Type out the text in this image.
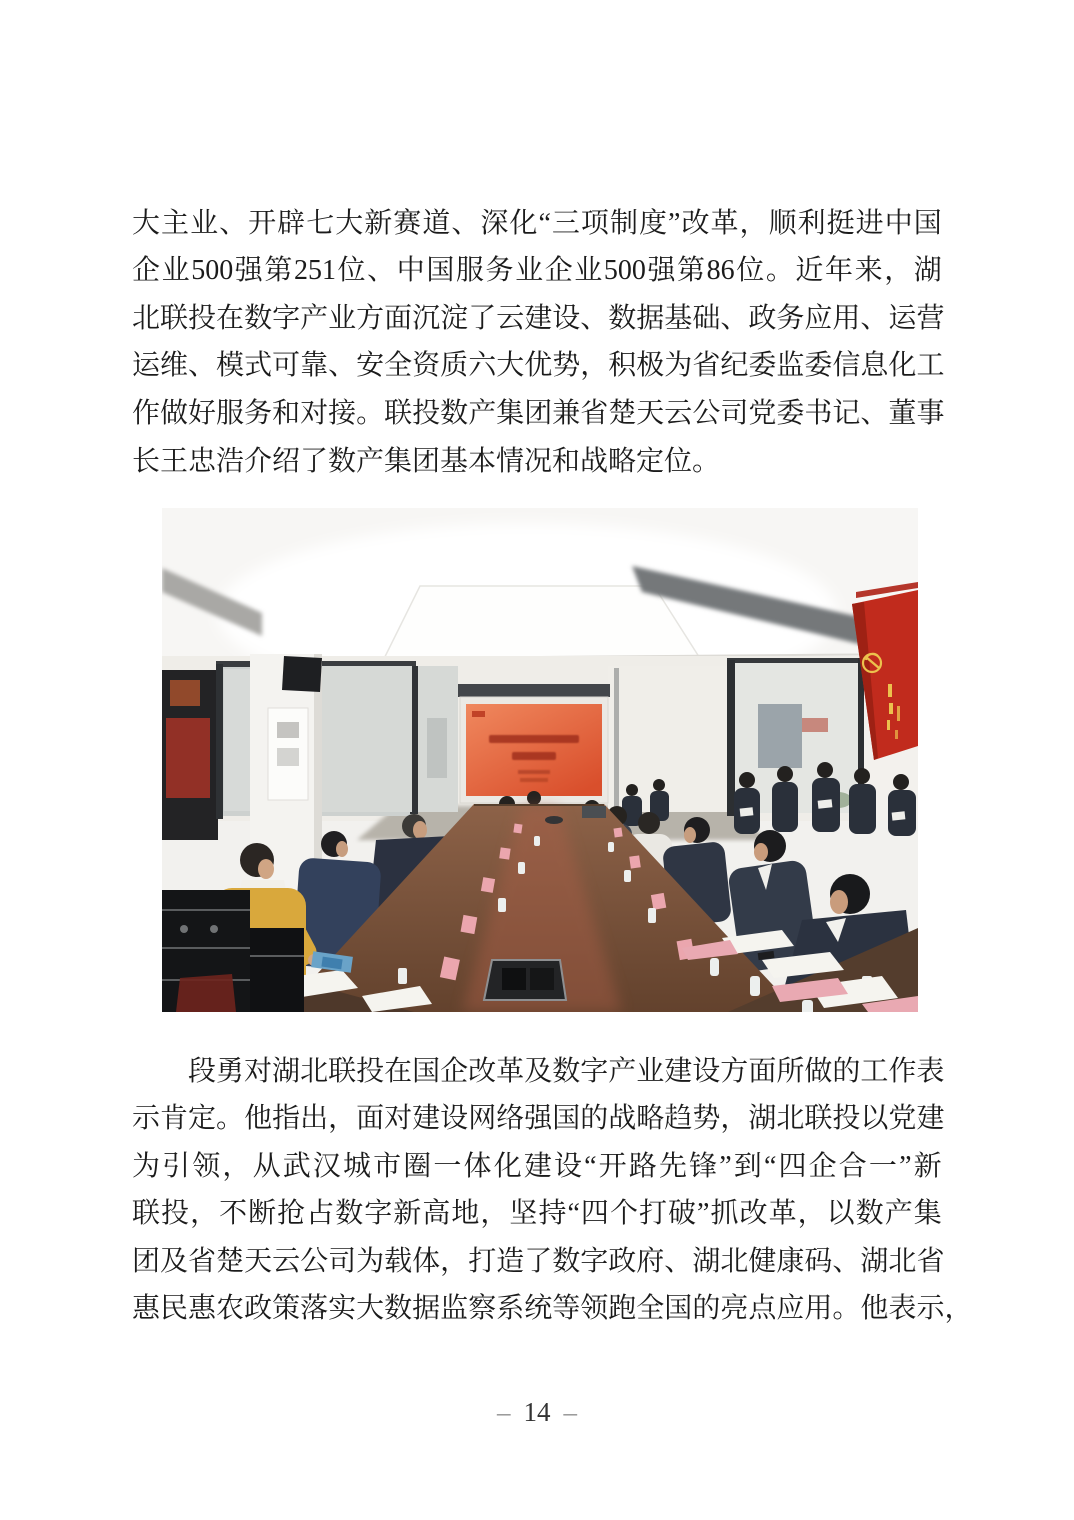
大 主 业 、 开 辟 七 大 新 赛 道 、 深 化 “ 三 项 制 度 ” 改 革 ， 顺 利 挺 进 中 国
企 业 500 强 第 251 位 、 中 国 服 务 业 企 业 500 强 第 86 位 。 近 年 来 ， 湖
北 联 投 在 数 字 产 业 方 面 沉 淀 了 云 建 设 、 数 据 基 础 、 政 务 应 用 、 运 营
运 维 、 模 式 可 靠 、 安 全 资 质 六 大 优 势 ， 积 极 为 省 纪 委 监 委 信 息 化 工
作 做 好 服 务 和 对 接 。 联 投 数 产 集 团 兼 省 楚 天 云 公 司 党 委 书 记 、 董 事
长王忠浩介绍了数产集团基本情况和战略定位。
段 勇 对 湖 北 联 投 在 国 企 改 革 及 数 字 产 业 建 设 方 面 所 做 的 工 作 表
示 肯 定 。 他 指 出 ， 面 对 建 设 网 络 强 国 的 战 略 趋 势 ， 湖 北 联 投 以 党 建
为 引 领 ， 从 武 汉 城 市 圈 一 体 化 建 设 “ 开 路 先 锋 ” 到 “ 四 企 合 一 ” 新
联 投 ， 不 断 抢 占 数 字 新 高 地 ， 坚 持 “ 四 个 打 破 ” 抓 改 革 ， 以 数 产 集
团 及 省 楚 天 云 公 司 为 载 体 ， 打 造 了 数 字 政 府 、 湖 北 健 康 码 、 湖 北 省
惠 民 惠 农 政 策 落 实 大 数 据 监 察 系 统 等 领 跑 全 国 的 亮 点 应 用 。 他 表 示 ，
– 14 –
